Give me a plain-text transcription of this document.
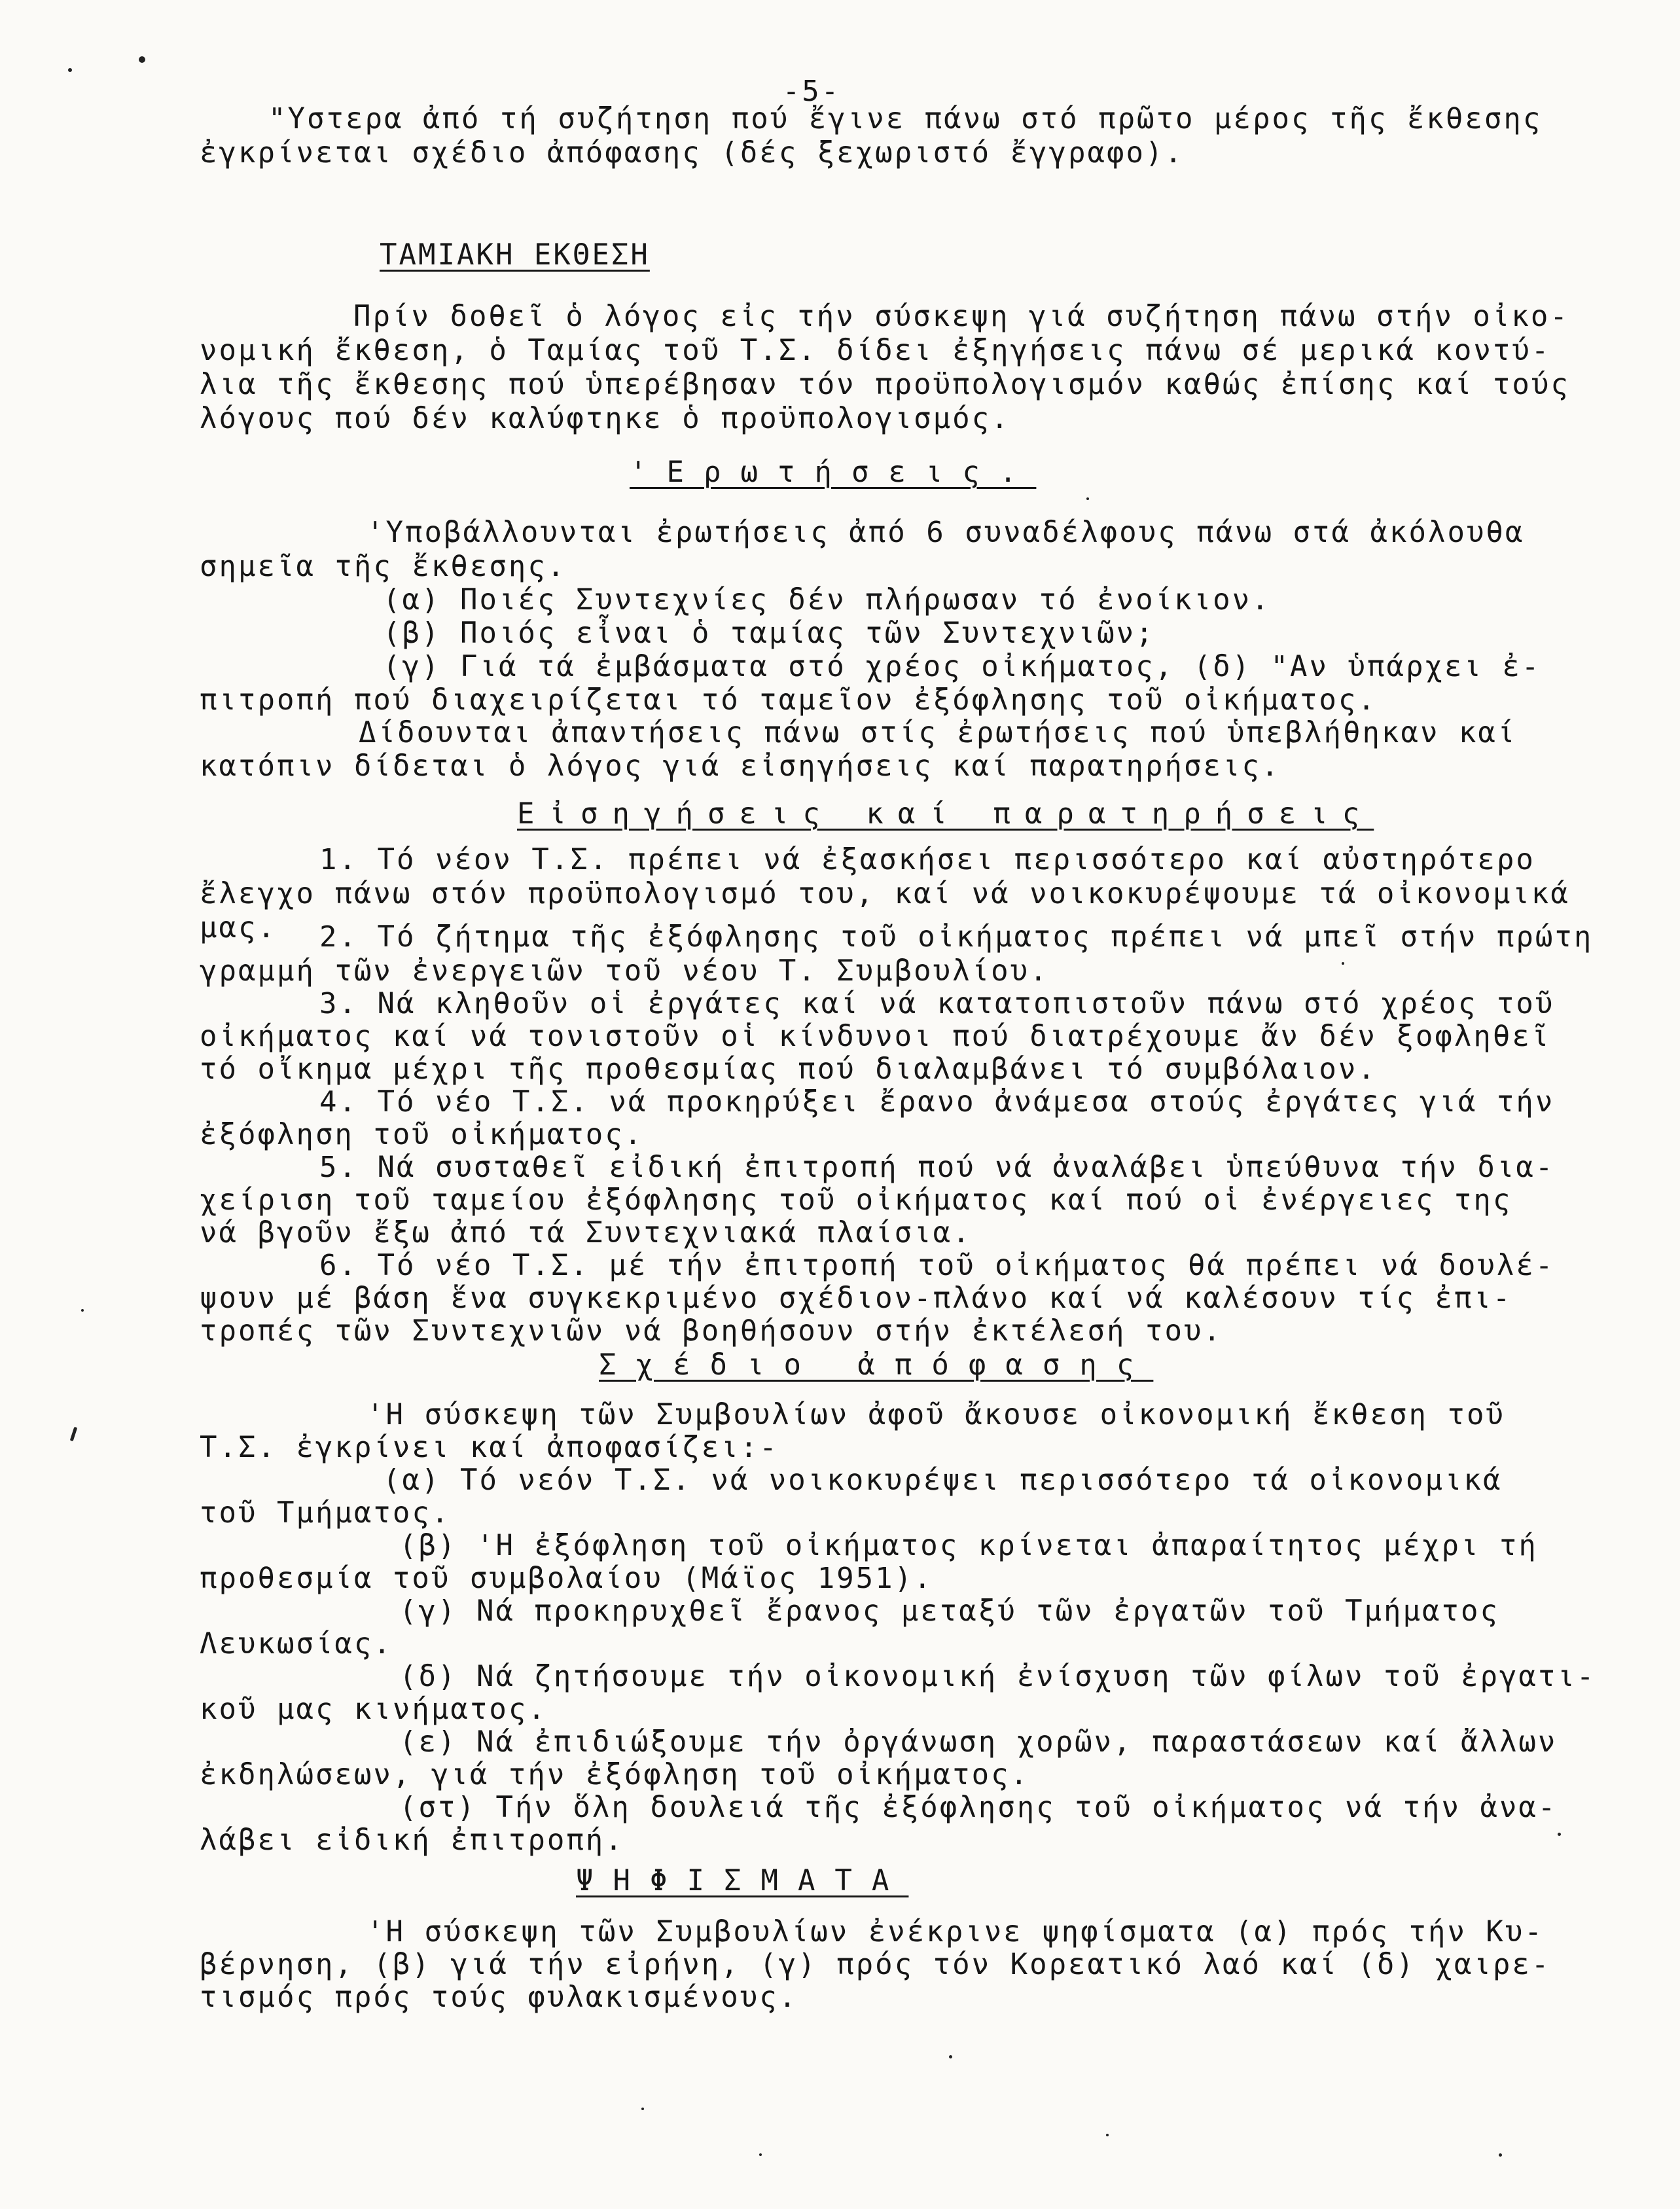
-5-
"Υστερα ἀπό τή συζήτηση πού ἔγινε πάνω στό πρῶτο μέρος τῆς ἔκθεσης
ἐγκρίνεται σχέδιο ἀπόφασης (δές ξεχωριστό ἔγγραφο).
ΤΑΜΙΑΚΗ ΕΚΘΕΣΗ
Πρίν δοθεῖ ὁ λόγος εἰς τήν σύσκεψη γιά συζήτηση πάνω στήν οἰκο-
νομική ἔκθεση, ὁ Ταμίας τοῦ Τ.Σ. δίδει ἐξηγήσεις πάνω σέ μερικά κοντύ-
λια τῆς ἔκθεσης πού ὑπερέβησαν τόν προϋπολογισμόν καθώς ἐπίσης καί τούς
λόγους πού δέν καλύφτηκε ὁ προϋπολογισμός.
'Ερωτήσεις.
'Υποβάλλουνται ἐρωτήσεις ἀπό 6 συναδέλφους πάνω στά ἀκόλουθα
σημεῖα τῆς ἔκθεσης.
(α) Ποιές Συντεχνίες δέν πλήρωσαν τό ἐνοίκιον.
(β) Ποιός εἶναι ὁ ταμίας τῶν Συντεχνιῶν;
(γ) Γιά τά ἐμβάσματα στό χρέος οἰκήματος, (δ) "Αν ὑπάρχει ἐ-
πιτροπή πού διαχειρίζεται τό ταμεῖον ἐξόφλησης τοῦ οἰκήματος.
Δίδουνται ἀπαντήσεις πάνω στίς ἐρωτήσεις πού ὑπεβλήθηκαν καί
κατόπιν δίδεται ὁ λόγος γιά εἰσηγήσεις καί παρατηρήσεις.
Εἰσηγήσεις καί παρατηρήσεις
1. Τό νέον Τ.Σ. πρέπει νά ἐξασκήσει περισσότερο καί αὐστηρότερο
ἔλεγχο πάνω στόν προϋπολογισμό του, καί νά νοικοκυρέψουμε τά οἰκονομικά
μας. 2. Τό ζήτημα τῆς ἐξόφλησης τοῦ οἰκήματος πρέπει νά μπεῖ στήν πρώτη
γραμμή τῶν ἐνεργειῶν τοῦ νέου Τ. Συμβουλίου.
3. Νά κληθοῦν οἱ ἐργάτες καί νά κατατοπιστοῦν πάνω στό χρέος τοῦ
οἰκήματος καί νά τονιστοῦν οἱ κίνδυνοι πού διατρέχουμε ἄν δέν ξοφληθεῖ
τό οἴκημα μέχρι τῆς προθεσμίας πού διαλαμβάνει τό συμβόλαιον.
4. Τό νέο Τ.Σ. νά προκηρύξει ἔρανο ἀνάμεσα στούς ἐργάτες γιά τήν
ἐξόφληση τοῦ οἰκήματος.
5. Νά συσταθεῖ εἰδική ἐπιτροπή πού νά ἀναλάβει ὑπεύθυνα τήν δια-
χείριση τοῦ ταμείου ἐξόφλησης τοῦ οἰκήματος καί πού οἱ ἐνέργειες της
νά βγοῦν ἔξω ἀπό τά Συντεχνιακά πλαίσια.
6. Τό νέο Τ.Σ. μέ τήν ἐπιτροπή τοῦ οἰκήματος θά πρέπει νά δουλέ-
ψουν μέ βάση ἕνα συγκεκριμένο σχέδιον-πλάνο καί νά καλέσουν τίς ἐπι-
τροπές τῶν Συντεχνιῶν νά βοηθήσουν στήν ἐκτέλεσή του.
Σχέδιο ἀπόφασης
'Η σύσκεψη τῶν Συμβουλίων ἀφοῦ ἄκουσε οἰκονομική ἔκθεση τοῦ
Τ.Σ. ἐγκρίνει καί ἀποφασίζει:-
(α) Τό νεόν Τ.Σ. νά νοικοκυρέψει περισσότερο τά οἰκονομικά
τοῦ Τμήματος.
(β) 'Η ἐξόφληση τοῦ οἰκήματος κρίνεται ἀπαραίτητος μέχρι τή
προθεσμία τοῦ συμβολαίου (Μάϊος 1951).
(γ) Νά προκηρυχθεῖ ἔρανος μεταξύ τῶν ἐργατῶν τοῦ Τμήματος
Λευκωσίας.
(δ) Νά ζητήσουμε τήν οἰκονομική ἐνίσχυση τῶν φίλων τοῦ ἐργατι-
κοῦ μας κινήματος.
(ε) Νά ἐπιδιώξουμε τήν ὀργάνωση χορῶν, παραστάσεων καί ἄλλων
ἐκδηλώσεων, γιά τήν ἐξόφληση τοῦ οἰκήματος.
(στ) Τήν ὅλη δουλειά τῆς ἐξόφλησης τοῦ οἰκήματος νά τήν ἀνα-
λάβει εἰδική ἐπιτροπή.
ΨΗΦΙΣΜΑΤΑ
'Η σύσκεψη τῶν Συμβουλίων ἐνέκρινε ψηφίσματα (α) πρός τήν Κυ-
βέρνηση, (β) γιά τήν εἰρήνη, (γ) πρός τόν Κορεατικό λαό καί (δ) χαιρε-
τισμός πρός τούς φυλακισμένους.
